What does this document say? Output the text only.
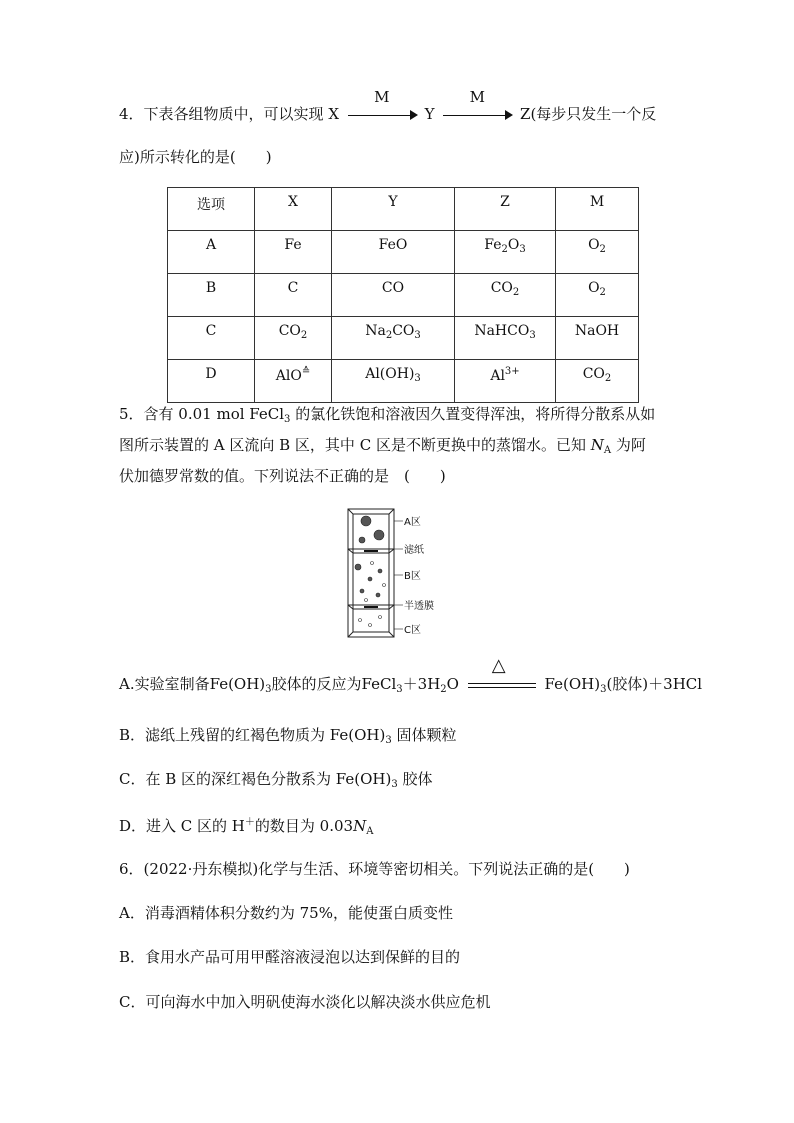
4．下表各组物质中，可以实现 X
M
Y
M
Z(每步只发生一个反
应)所示转化的是(　　)
选项	X	Y	Z	M
A	Fe	FeO	$Fe_2O_3$	$O_2$
B	C	CO	$CO_2$	$O_2$
C	$CO_2$	$Na_2CO_3$	NaHCO$_3$	NaOH
D	AlO≙	$Al(OH)_3$	$Al^{3+}$	$CO_2$
5．含有 0.01 mol FeCl$_3$ 的氯化铁饱和溶液因久置变得浑浊，将所得分散系从如
图所示装置的 A 区流向 B 区，其中 C 区是不断更换中的蒸馏水。已知 $N_A$ 为阿
伏加德罗常数的值。下列说法不正确的是　(　　)
A区
滤纸
B区
半透膜
C区
A.实验室制备$Fe(OH)_3$胶体的反应为$FeCl_3+3H_2O$
△
$Fe(OH)_3$(胶体)＋3HCl
B．滤纸上残留的红褐色物质为 $Fe(OH)_3$ 固体颗粒
C．在 B 区的深红褐色分散系为 $Fe(OH)_3$ 胶体
D．进入 C 区的 H＋的数目为 $0.03N_A$
6．(2022·丹东模拟)化学与生活、环境等密切相关。下列说法正确的是(　　)
A．消毒酒精体积分数约为 75%，能使蛋白质变性
B．食用水产品可用甲醛溶液浸泡以达到保鲜的目的
C．可向海水中加入明矾使海水淡化以解决淡水供应危机
